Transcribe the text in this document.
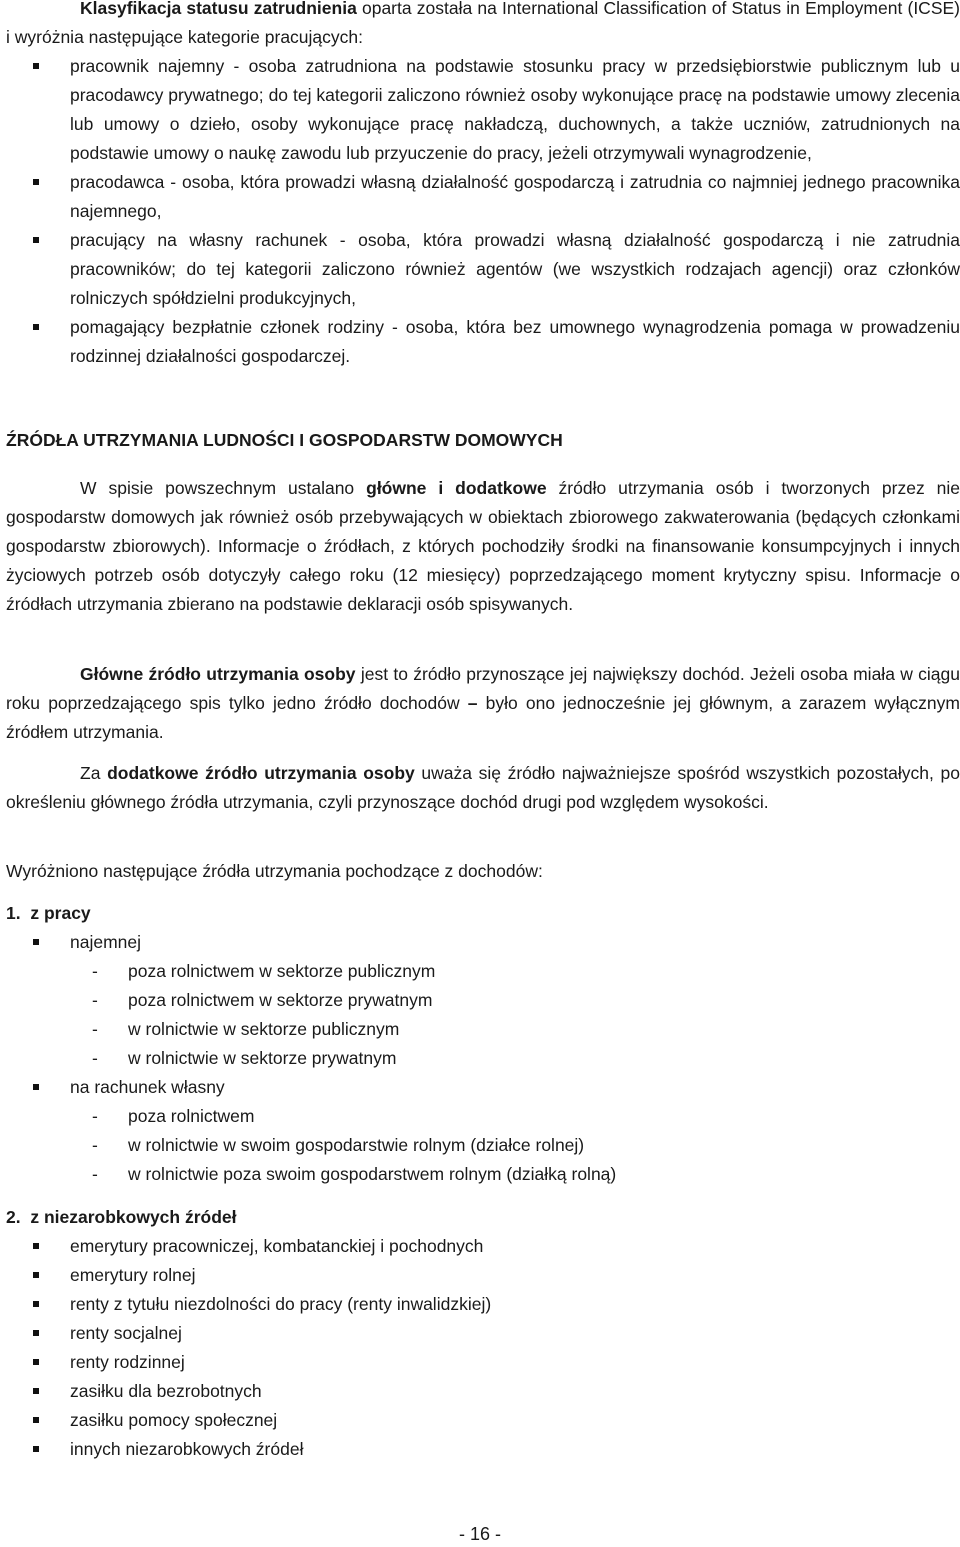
Klasyfikacja statusu zatrudnienia oparta została na International Classification of Status in Employment (ICSE) i wyróżnia następujące kategorie pracujących:

pracownik najemny - osoba zatrudniona na podstawie stosunku pracy w przedsiębiorstwie publicznym lub u pracodawcy prywatnego; do tej kategorii zaliczono również osoby wykonujące pracę na podstawie umowy zlecenia lub umowy o dzieło, osoby wykonujące pracę nakładczą, duchownych, a także uczniów, zatrudnionych na podstawie umowy o naukę zawodu lub przyuczenie do pracy, jeżeli otrzymywali wynagrodzenie,
pracodawca - osoba, która prowadzi własną działalność gospodarczą i zatrudnia co najmniej jednego pracownika najemnego,
pracujący na własny rachunek - osoba, która prowadzi własną działalność gospodarczą i nie zatrudnia pracowników; do tej kategorii zaliczono również agentów (we wszystkich rodzajach agencji) oraz członków rolniczych spółdzielni produkcyjnych,
pomagający bezpłatnie członek rodziny - osoba, która bez umownego wynagrodzenia pomaga w prowadzeniu rodzinnej działalności gospodarczej.
ŹRÓDŁA UTRZYMANIA LUDNOŚCI I GOSPODARSTW DOMOWYCH

W spisie powszechnym ustalano główne i dodatkowe źródło utrzymania osób i tworzonych przez nie gospodarstw domowych jak również osób przebywających w obiektach zbiorowego zakwaterowania (będących członkami gospodarstw zbiorowych). Informacje o źródłach, z których pochodziły środki na finansowanie konsumpcyjnych i innych życiowych potrzeb osób dotyczyły całego roku (12 miesięcy) poprzedzającego moment krytyczny spisu. Informacje o źródłach utrzymania zbierano na podstawie deklaracji osób spisywanych.

Główne źródło utrzymania osoby jest to źródło przynoszące jej największy dochód. Jeżeli osoba miała w ciągu roku poprzedzającego spis tylko jedno źródło dochodów – było ono jednocześnie jej głównym, a zarazem wyłącznym źródłem utrzymania.

Za dodatkowe źródło utrzymania osoby uważa się źródło najważniejsze spośród wszystkich pozostałych, po określeniu głównego źródła utrzymania, czyli przynoszące dochód drugi pod względem wysokości.

Wyróżniono następujące źródła utrzymania pochodzące z dochodów:

1. z pracy
najemnej
- poza rolnictwem w sektorze publicznym
- poza rolnictwem w sektorze prywatnym
- w rolnictwie w sektorze publicznym
- w rolnictwie w sektorze prywatnym
na rachunek własny
- poza rolnictwem
- w rolnictwie w swoim gospodarstwie rolnym (działce rolnej)
- w rolnictwie poza swoim gospodarstwem rolnym (działką rolną)
2. z niezarobkowych źródeł
emerytury pracowniczej, kombatanckiej i pochodnych
emerytury rolnej
renty z tytułu niezdolności do pracy (renty inwalidzkiej)
renty socjalnej
renty rodzinnej
zasiłku dla bezrobotnych
zasiłku pomocy społecznej
innych niezarobkowych źródeł
- 16 -
